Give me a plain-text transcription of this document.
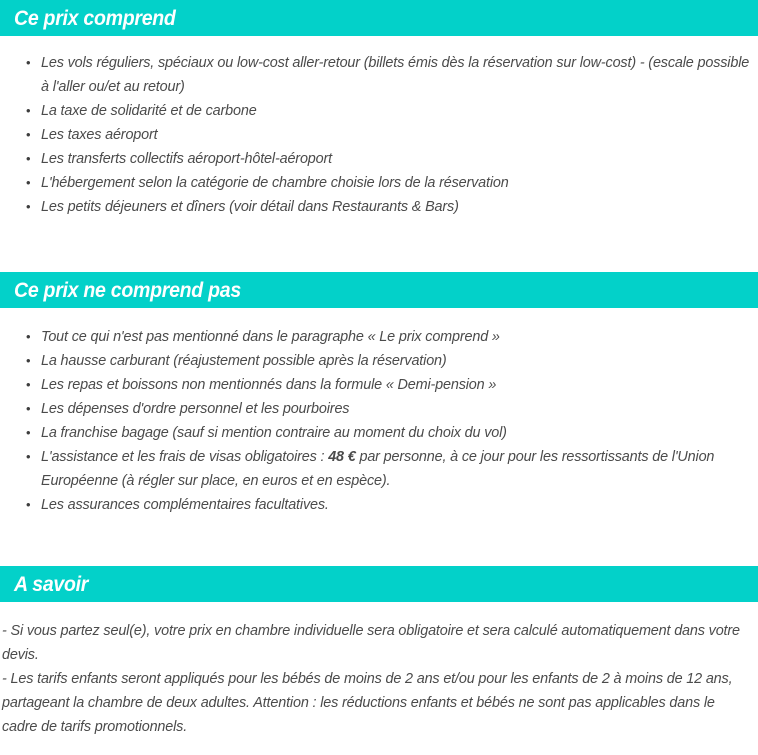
Ce prix comprend
• Les vols réguliers, spéciaux ou low-cost aller-retour (billets émis dès la réservation sur low-cost) - (escale possible à l'aller ou/et au retour)
• La taxe de solidarité et de carbone
• Les taxes aéroport
• Les transferts collectifs aéroport-hôtel-aéroport
• L'hébergement selon la catégorie de chambre choisie lors de la réservation
• Les petits déjeuners et dîners (voir détail dans Restaurants & Bars)
Ce prix ne comprend pas
• Tout ce qui n'est pas mentionné dans le paragraphe « Le prix comprend »
• La hausse carburant (réajustement possible après la réservation)
• Les repas et boissons non mentionnés dans la formule « Demi-pension »
• Les dépenses d'ordre personnel et les pourboires
• La franchise bagage (sauf si mention contraire au moment du choix du vol)
• L'assistance et les frais de visas obligatoires : 48 € par personne, à ce jour pour les ressortissants de l'Union Européenne (à régler sur place, en euros et en espèce).
• Les assurances complémentaires facultatives.
A savoir

- Si vous partez seul(e), votre prix en chambre individuelle sera obligatoire et sera calculé automatiquement dans votre devis.

- Les tarifs enfants seront appliqués pour les bébés de moins de 2 ans et/ou pour les enfants de 2 à moins de 12 ans, partageant la chambre de deux adultes. Attention : les réductions enfants et bébés ne sont pas applicables dans le cadre de tarifs promotionnels.
